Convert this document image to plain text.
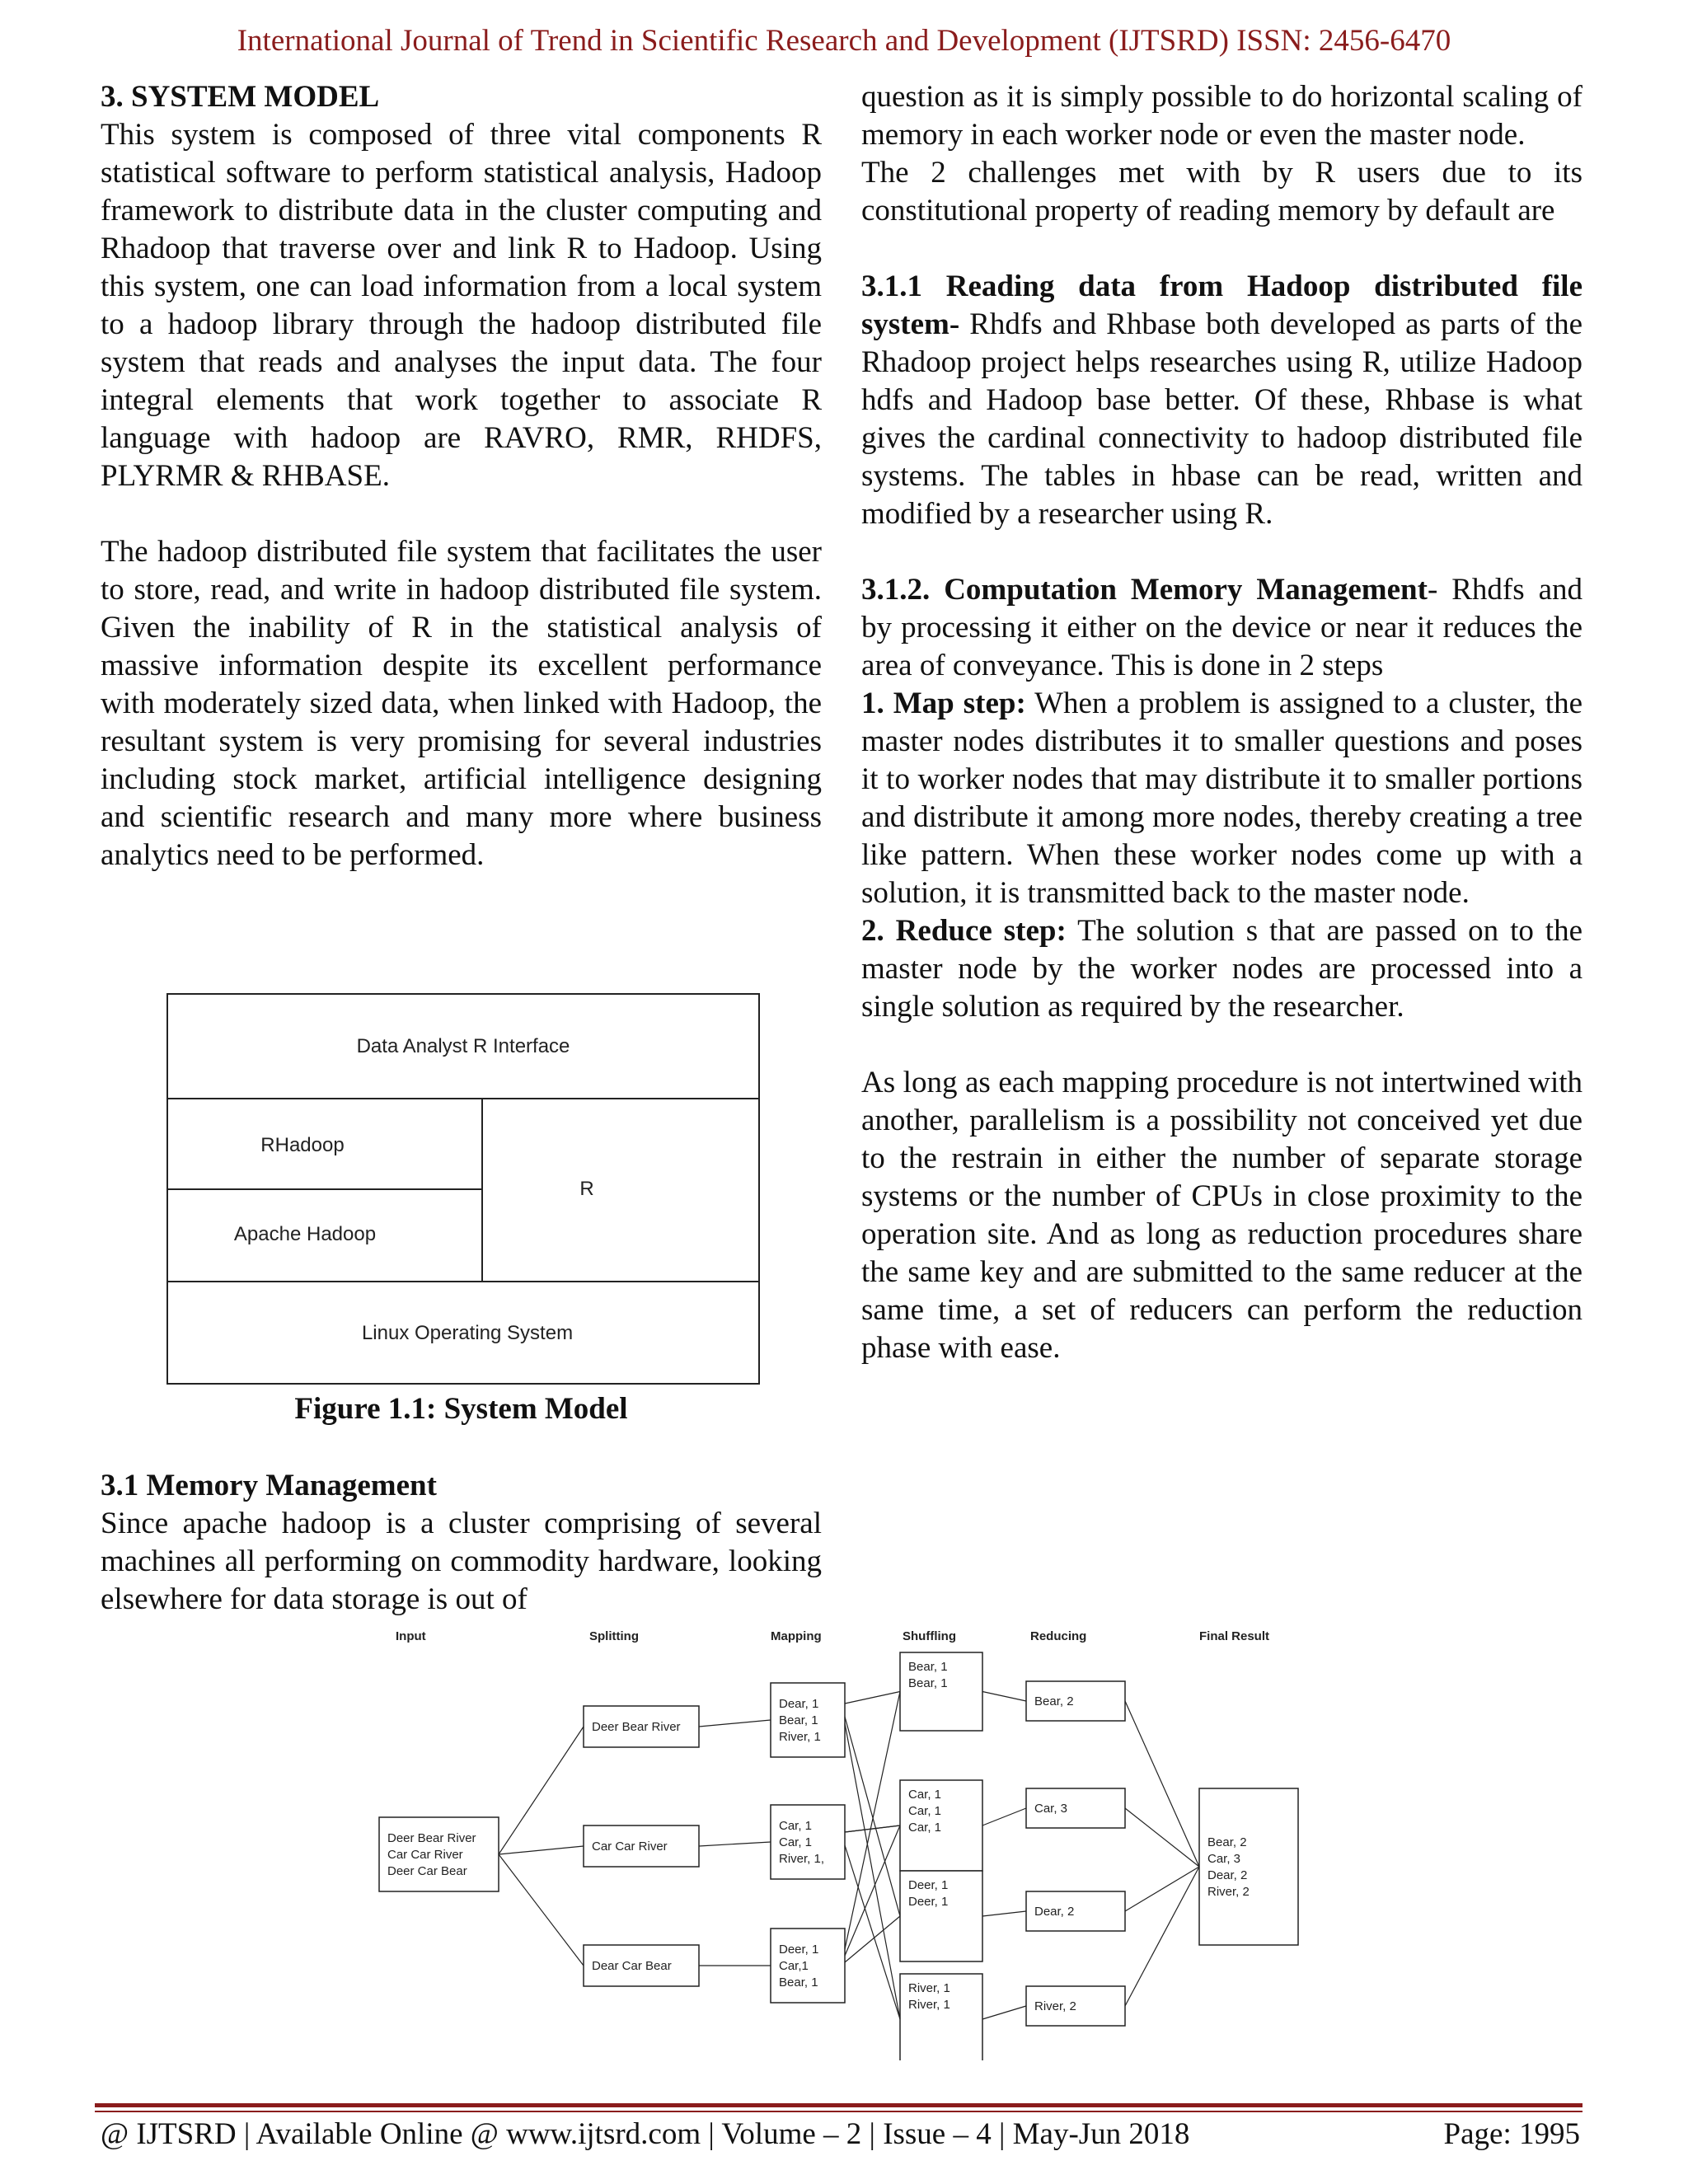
International Journal of Trend in Scientific Research and Development (IJTSRD) ISSN: 2456-6470
3. SYSTEM MODEL

This system is composed of three vital components R statistical software to perform statistical analysis, Hadoop framework to distribute data in the cluster computing and Rhadoop that traverse over and link R to Hadoop. Using this system, one can load information from a local system to a hadoop library through the hadoop distributed file system that reads and analyses the input data. The four integral elements that work together to associate R language with hadoop are RAVRO, RMR, RHDFS, PLYRMR & RHBASE.

The hadoop distributed file system that facilitates the user to store, read, and write in hadoop distributed file system. Given the inability of R in the statistical analysis of massive information despite its excellent performance with moderately sized data, when linked with Hadoop, the resultant system is very promising for several industries including stock market, artificial intelligence designing and scientific research and many more where business analytics need to be performed.

Data Analyst R Interface
RHadoop
Apache Hadoop
R
Linux Operating System
Figure 1.1: System Model
3.1 Memory Management

Since apache hadoop is a cluster comprising of several machines all performing on commodity hardware, looking elsewhere for data storage is out of

question as it is simply possible to do horizontal scaling of memory in each worker node or even the master node.

The 2 challenges met with by R users due to its constitutional property of reading memory by default are

3.1.1 Reading data from Hadoop distributed file system- Rhdfs and Rhbase both developed as parts of the Rhadoop project helps researches using R, utilize Hadoop hdfs and Hadoop base better. Of these, Rhbase is what gives the cardinal connectivity to hadoop distributed file systems. The tables in hbase can be read, written and modified by a researcher using R.

3.1.2. Computation Memory Management- Rhdfs and by processing it either on the device or near it reduces the area of conveyance. This is done in 2 steps

1. Map step: When a problem is assigned to a cluster, the master nodes distributes it to smaller questions and poses it to worker nodes that may distribute it to smaller portions and distribute it among more nodes, thereby creating a tree like pattern. When these worker nodes come up with a solution, it is transmitted back to the master node.

2. Reduce step: The solution s that are passed on to the master node by the worker nodes are processed into a single solution as required by the researcher.

As long as each mapping procedure is not intertwined with another, parallelism is a possibility not conceived yet due to the restrain in either the number of separate storage systems or the number of CPUs in close proximity to the operation site. And as long as reduction procedures share the same key and are submitted to the same reducer at the same time, a set of reducers can perform the reduction phase with ease.

Input	Splitting	Mapping	Shuffling	Reducing	Final Result
Deer Bear River
Car Car River
Deer Car Bear
Deer Bear River
Car Car River
Dear Car Bear
Dear, 1
Bear, 1
River, 1
Car, 1
Car, 1
River, 1,
Deer, 1
Car,1
Bear, 1
Bear, 1
Bear, 1
Car, 1
Car, 1
Car, 1
Deer, 1
Deer, 1
River, 1
River, 1
Bear, 2
Car, 3
Dear, 2
River, 2
Bear, 2
Car, 3
Dear, 2
River, 2
@ IJTSRD | Available Online @ www.ijtsrd.com | Volume – 2 | Issue – 4 | May-Jun 2018	Page: 1995
